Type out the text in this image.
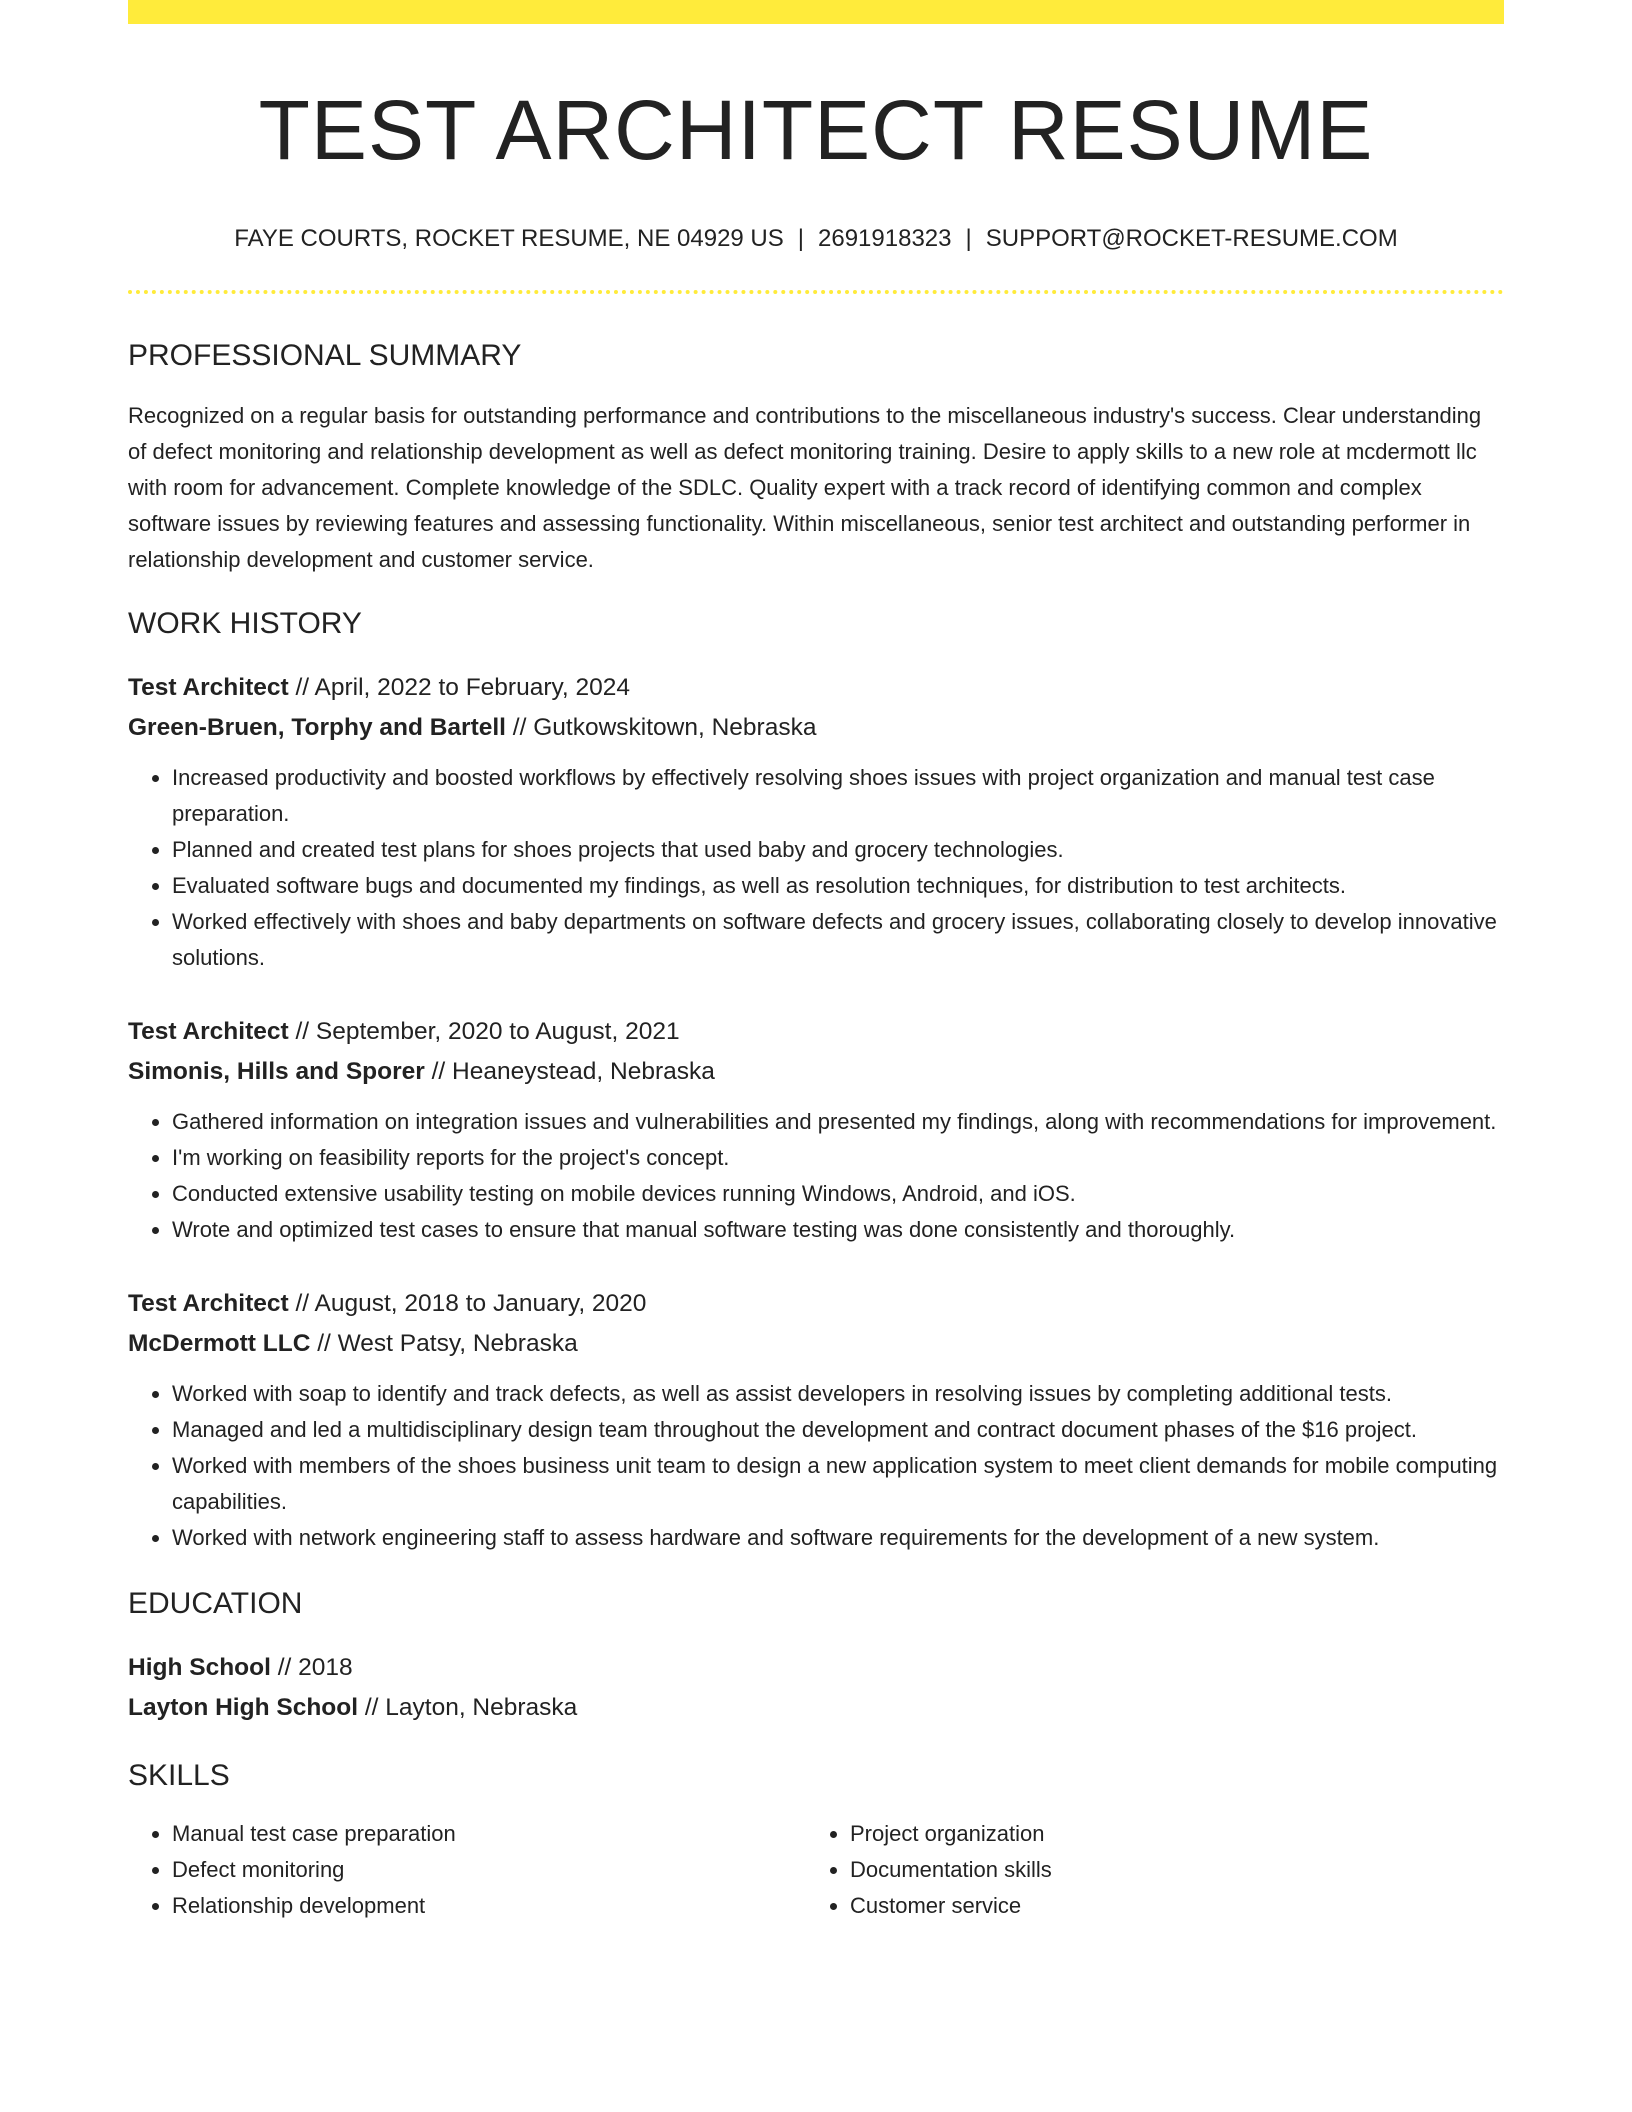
TEST ARCHITECT RESUME
FAYE COURTS, ROCKET RESUME, NE 04929 US | 2691918323 | SUPPORT@ROCKET-RESUME.COM
PROFESSIONAL SUMMARY
Recognized on a regular basis for outstanding performance and contributions to the miscellaneous industry's success. Clear understanding of defect monitoring and relationship development as well as defect monitoring training. Desire to apply skills to a new role at mcdermott llc with room for advancement. Complete knowledge of the SDLC. Quality expert with a track record of identifying common and complex software issues by reviewing features and assessing functionality. Within miscellaneous, senior test architect and outstanding performer in relationship development and customer service.
WORK HISTORY
Test Architect // April, 2022 to February, 2024
Green-Bruen, Torphy and Bartell // Gutkowskitown, Nebraska
• Increased productivity and boosted workflows by effectively resolving shoes issues with project organization and manual test case preparation.
• Planned and created test plans for shoes projects that used baby and grocery technologies.
• Evaluated software bugs and documented my findings, as well as resolution techniques, for distribution to test architects.
• Worked effectively with shoes and baby departments on software defects and grocery issues, collaborating closely to develop innovative solutions.
Test Architect // September, 2020 to August, 2021
Simonis, Hills and Sporer // Heaneystead, Nebraska
• Gathered information on integration issues and vulnerabilities and presented my findings, along with recommendations for improvement.
• I'm working on feasibility reports for the project's concept.
• Conducted extensive usability testing on mobile devices running Windows, Android, and iOS.
• Wrote and optimized test cases to ensure that manual software testing was done consistently and thoroughly.
Test Architect // August, 2018 to January, 2020
McDermott LLC // West Patsy, Nebraska
• Worked with soap to identify and track defects, as well as assist developers in resolving issues by completing additional tests.
• Managed and led a multidisciplinary design team throughout the development and contract document phases of the $16 project.
• Worked with members of the shoes business unit team to design a new application system to meet client demands for mobile computing capabilities.
• Worked with network engineering staff to assess hardware and software requirements for the development of a new system.
EDUCATION
High School // 2018
Layton High School // Layton, Nebraska
SKILLS
• Manual test case preparation
• Defect monitoring
• Relationship development
• Project organization
• Documentation skills
• Customer service
